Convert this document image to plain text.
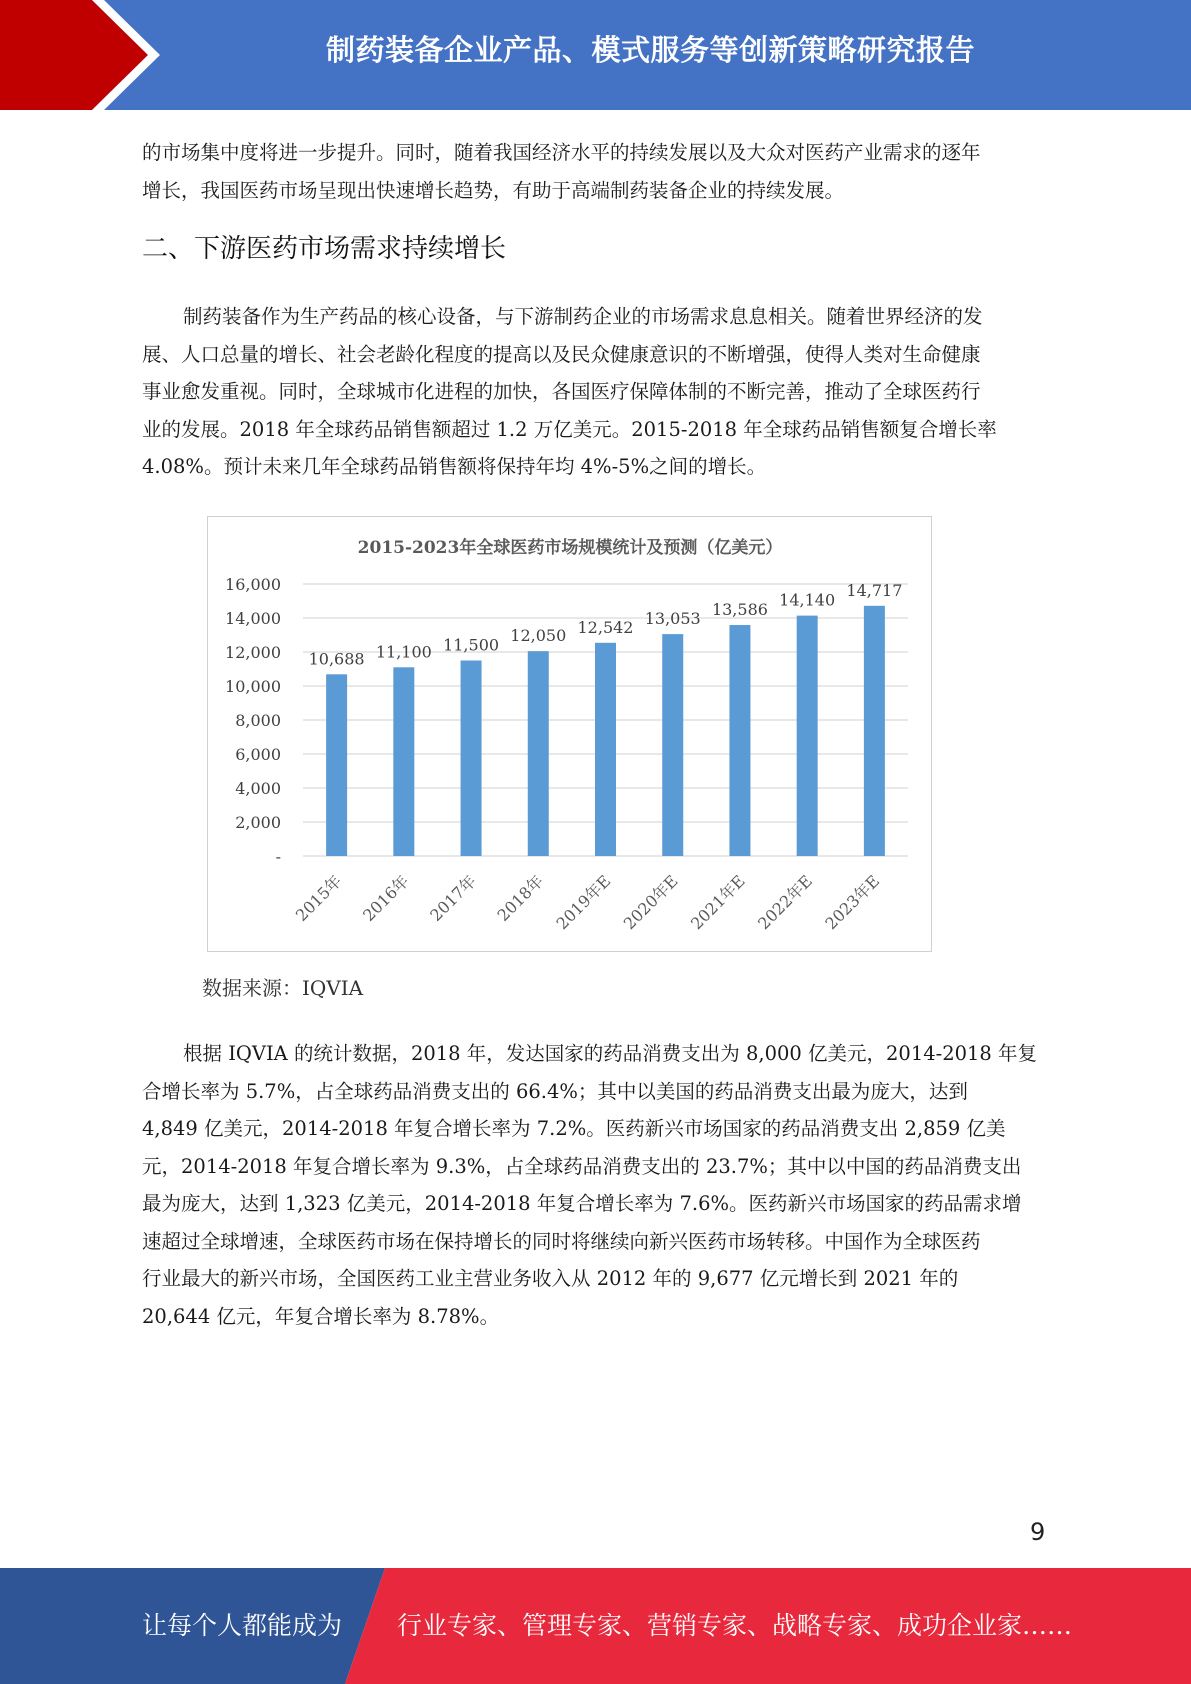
制药装备企业产品、模式服务等创新策略研究报告
的市场集中度将进一步提升。同时，随着我国经济水平的持续发展以及大众对医药产业需求的逐年
增长，我国医药市场呈现出快速增长趋势，有助于高端制药装备企业的持续发展。
二、下游医药市场需求持续增长
制药装备作为生产药品的核心设备，与下游制药企业的市场需求息息相关。随着世界经济的发
展、人口总量的增长、社会老龄化程度的提高以及民众健康意识的不断增强，使得人类对生命健康
事业愈发重视。同时，全球城市化进程的加快，各国医疗保障体制的不断完善，推动了全球医药行
业的发展。2018 年全球药品销售额超过 1.2 万亿美元。2015-2018 年全球药品销售额复合增长率
4.08%。预计未来几年全球药品销售额将保持年均 4%-5%之间的增长。
2015-2023年全球医药市场规模统计及预测（亿美元）
-
2,000
4,000
6,000
8,000
10,000
12,000
14,000
16,000
10,688
2015年
11,100
2016年
11,500
2017年
12,050
2018年
12,542
2019年E
13,053
2020年E
13,586
2021年E
14,140
2022年E
14,717
2023年E
数据来源：IQVIA
根据 IQVIA 的统计数据，2018 年，发达国家的药品消费支出为 8,000 亿美元，2014-2018 年复
合增长率为 5.7%，占全球药品消费支出的 66.4%；其中以美国的药品消费支出最为庞大，达到
4,849 亿美元，2014-2018 年复合增长率为 7.2%。医药新兴市场国家的药品消费支出 2,859 亿美
元，2014-2018 年复合增长率为 9.3%，占全球药品消费支出的 23.7%；其中以中国的药品消费支出
最为庞大，达到 1,323 亿美元，2014-2018 年复合增长率为 7.6%。医药新兴市场国家的药品需求增
速超过全球增速，全球医药市场在保持增长的同时将继续向新兴医药市场转移。中国作为全球医药
行业最大的新兴市场，全国医药工业主营业务收入从 2012 年的 9,677 亿元增长到 2021 年的
20,644 亿元，年复合增长率为 8.78%。
9
让每个人都能成为 行业专家、管理专家、营销专家、战略专家、成功企业家……
